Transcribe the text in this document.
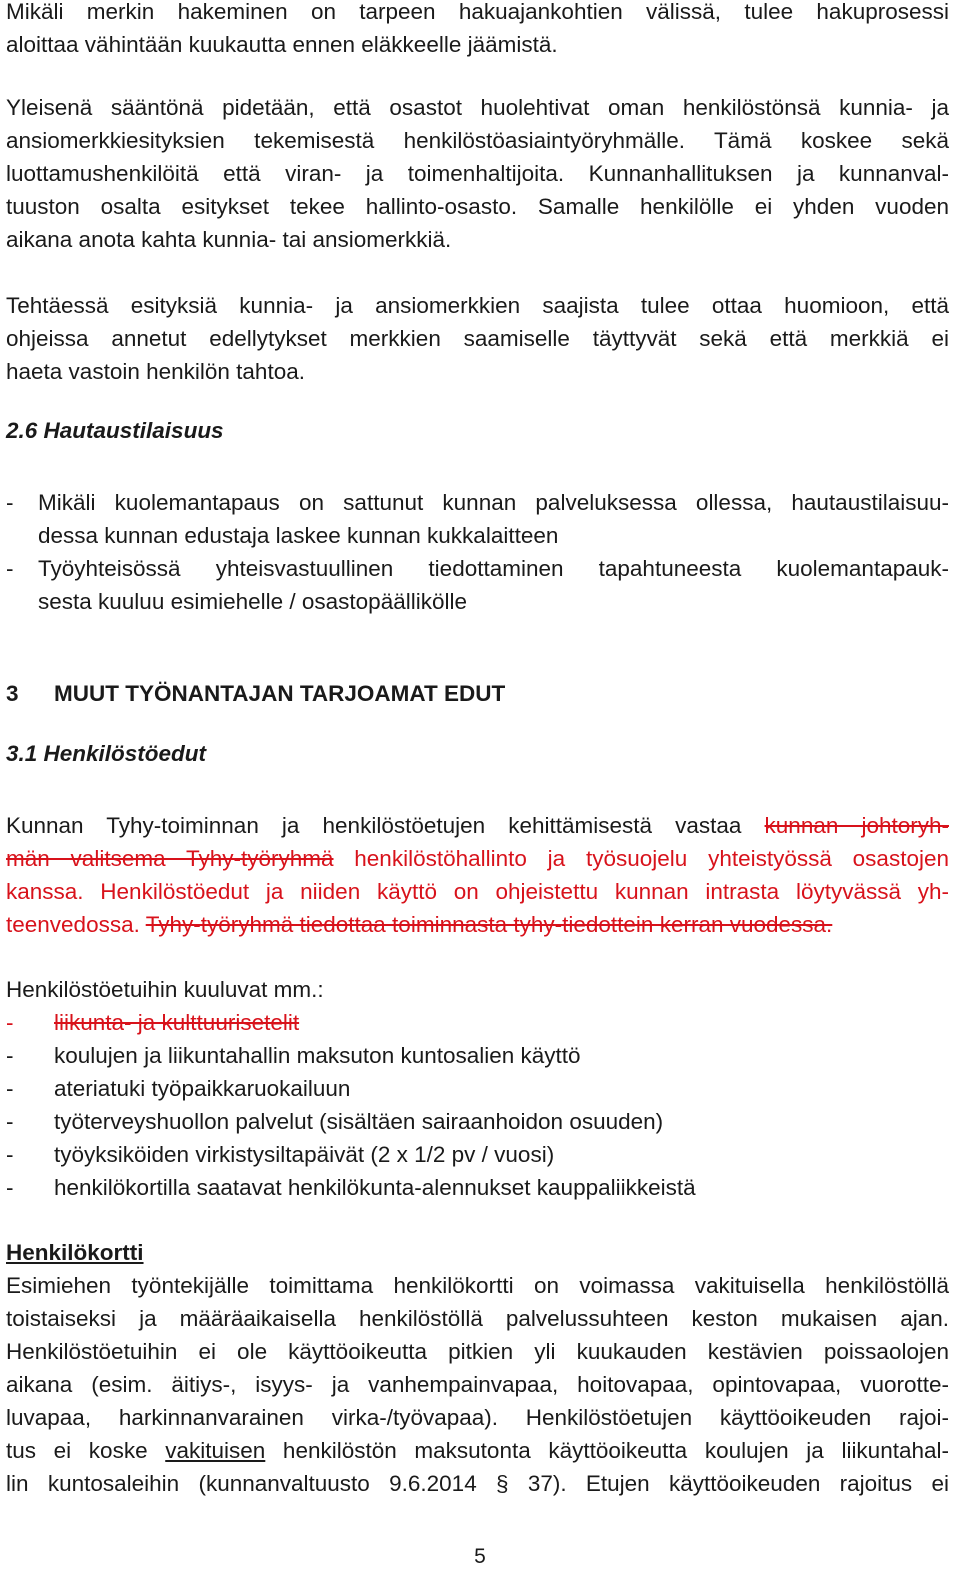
Mikäli merkin hakeminen on tarpeen hakuajankohtien välissä, tulee hakuprosessi
aloittaa vähintään kuukautta ennen eläkkeelle jäämistä.
Yleisenä sääntönä pidetään, että osastot huolehtivat oman henkilöstönsä kunnia- ja
ansiomerkkiesityksien tekemisestä henkilöstöasiaintyöryhmälle. Tämä koskee sekä
luottamushenkilöitä että viran- ja toimenhaltijoita. Kunnanhallituksen ja kunnanval-
tuuston osalta esitykset tekee hallinto-osasto. Samalle henkilölle ei yhden vuoden
aikana anota kahta kunnia- tai ansiomerkkiä.
Tehtäessä esityksiä kunnia- ja ansiomerkkien saajista tulee ottaa huomioon, että
ohjeissa annetut edellytykset merkkien saamiselle täyttyvät sekä että merkkiä ei
haeta vastoin henkilön tahtoa.
2.6 Hautaustilaisuus
- Mikäli kuolemantapaus on sattunut kunnan palveluksessa ollessa, hautaustilaisuu-
dessa kunnan edustaja laskee kunnan kukkalaitteen
- Työyhteisössä yhteisvastuullinen tiedottaminen tapahtuneesta kuolemantapauk-
sesta kuuluu esimiehelle / osastopäällikölle
3 MUUT TYÖNANTAJAN TARJOAMAT EDUT
3.1 Henkilöstöedut
Kunnan Tyhy-toiminnan ja henkilöstöetujen kehittämisestä vastaa kunnan johtoryh-
män valitsema Tyhy-työryhmä henkilöstöhallinto ja työsuojelu yhteistyössä osastojen
kanssa. Henkilöstöedut ja niiden käyttö on ohjeistettu kunnan intrasta löytyvässä yh-
teenvedossa. Tyhy-työryhmä tiedottaa toiminnasta tyhy-tiedottein kerran vuodessa.
Henkilöstöetuihin kuuluvat mm.:
- liikunta- ja kulttuurisetelit
- koulujen ja liikuntahallin maksuton kuntosalien käyttö
- ateriatuki työpaikkaruokailuun
- työterveyshuollon palvelut (sisältäen sairaanhoidon osuuden)
- työyksiköiden virkistysiltapäivät (2 x 1/2 pv / vuosi)
- henkilökortilla saatavat henkilökunta-alennukset kauppaliikkeistä
Henkilökortti
Esimiehen työntekijälle toimittama henkilökortti on voimassa vakituisella henkilöstöllä
toistaiseksi ja määräaikaisella henkilöstöllä palvelussuhteen keston mukaisen ajan.
Henkilöstöetuihin ei ole käyttöoikeutta pitkien yli kuukauden kestävien poissaolojen
aikana (esim. äitiys-, isyys- ja vanhempainvapaa, hoitovapaa, opintovapaa, vuorotte-
luvapaa, harkinnanvarainen virka-/työvapaa). Henkilöstöetujen käyttöoikeuden rajoi-
tus ei koske vakituisen henkilöstön maksutonta käyttöoikeutta koulujen ja liikuntahal-
lin kuntosaleihin (kunnanvaltuusto 9.6.2014 § 37). Etujen käyttöoikeuden rajoitus ei
5
